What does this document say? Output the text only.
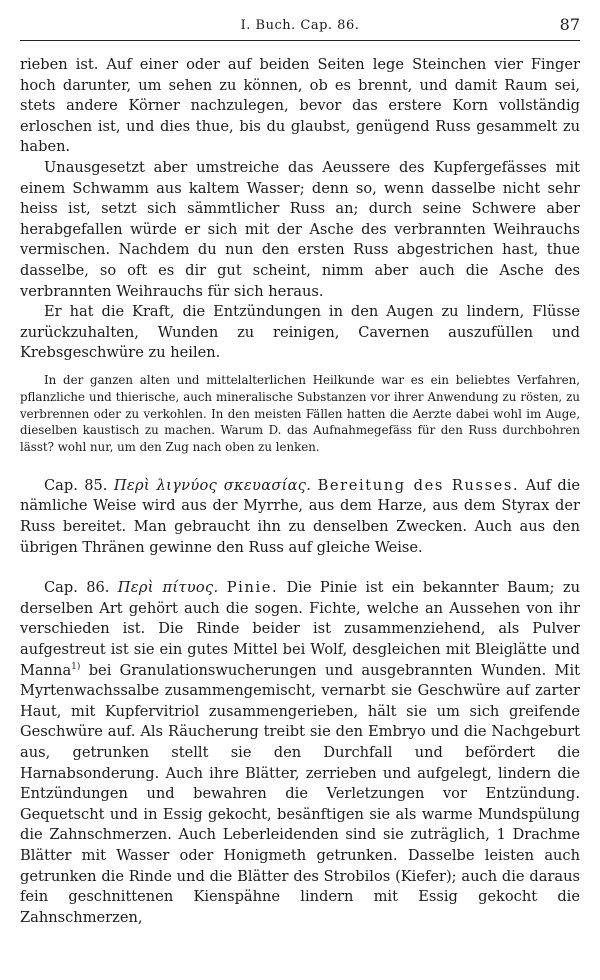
I. Buch. Cap. 86.	87

rieben ist. Auf einer oder auf beiden Seiten lege Steinchen vier Finger hoch darunter, um sehen zu können, ob es brennt, und damit Raum sei, stets andere Körner nachzulegen, bevor das erstere Korn vollständig erloschen ist, und dies thue, bis du glaubst, genügend Russ gesammelt zu haben.

Unausgesetzt aber umstreiche das Aeussere des Kupfergefässes mit einem Schwamm aus kaltem Wasser; denn so, wenn dasselbe nicht sehr heiss ist, setzt sich sämmtlicher Russ an; durch seine Schwere aber herabgefallen würde er sich mit der Asche des verbrannten Weihrauchs vermischen. Nachdem du nun den ersten Russ abgestrichen hast, thue dasselbe, so oft es dir gut scheint, nimm aber auch die Asche des verbrannten Weihrauchs für sich heraus.

Er hat die Kraft, die Entzündungen in den Augen zu lindern, Flüsse zurückzuhalten, Wunden zu reinigen, Cavernen auszufüllen und Krebsgeschwüre zu heilen.

In der ganzen alten und mittelalterlichen Heilkunde war es ein beliebtes Verfahren, pflanzliche und thierische, auch mineralische Substanzen vor ihrer Anwendung zu rösten, zu verbrennen oder zu verkohlen. In den meisten Fällen hatten die Aerzte dabei wohl im Auge, dieselben kaustisch zu machen. Warum D. das Aufnahmegefäss für den Russ durchbohren lässt? wohl nur, um den Zug nach oben zu lenken.

Cap. 85. Περὶ λιγνύος σκευασίας. Bereitung des Russes. Auf die nämliche Weise wird aus der Myrrhe, aus dem Harze, aus dem Styrax der Russ bereitet. Man gebraucht ihn zu denselben Zwecken. Auch aus den übrigen Thränen gewinne den Russ auf gleiche Weise.

Cap. 86. Περὶ πίτυος. Pinie. Die Pinie ist ein bekannter Baum; zu derselben Art gehört auch die sogen. Fichte, welche an Aussehen von ihr verschieden ist. Die Rinde beider ist zusammenziehend, als Pulver aufgestreut ist sie ein gutes Mittel bei Wolf, desgleichen mit Bleiglätte und Manna$^{1)}$ bei Granulationswucherungen und ausgebrannten Wunden. Mit Myrtenwachssalbe zusammengemischt, vernarbt sie Geschwüre auf zarter Haut, mit Kupfervitriol zusammengerieben, hält sie um sich greifende Geschwüre auf. Als Räucherung treibt sie den Embryo und die Nachgeburt aus, getrunken stellt sie den Durchfall und befördert die Harnabsonderung. Auch ihre Blätter, zerrieben und aufgelegt, lindern die Entzündungen und bewahren die Verletzungen vor Entzündung. Gequetscht und in Essig gekocht, besänftigen sie als warme Mundspülung die Zahnschmerzen. Auch Leberleidenden sind sie zuträglich, 1 Drachme Blätter mit Wasser oder Honigmeth getrunken. Dasselbe leisten auch getrunken die Rinde und die Blätter des Strobilos (Kiefer); auch die daraus fein geschnittenen Kienspähne lindern mit Essig gekocht die Zahnschmerzen,
